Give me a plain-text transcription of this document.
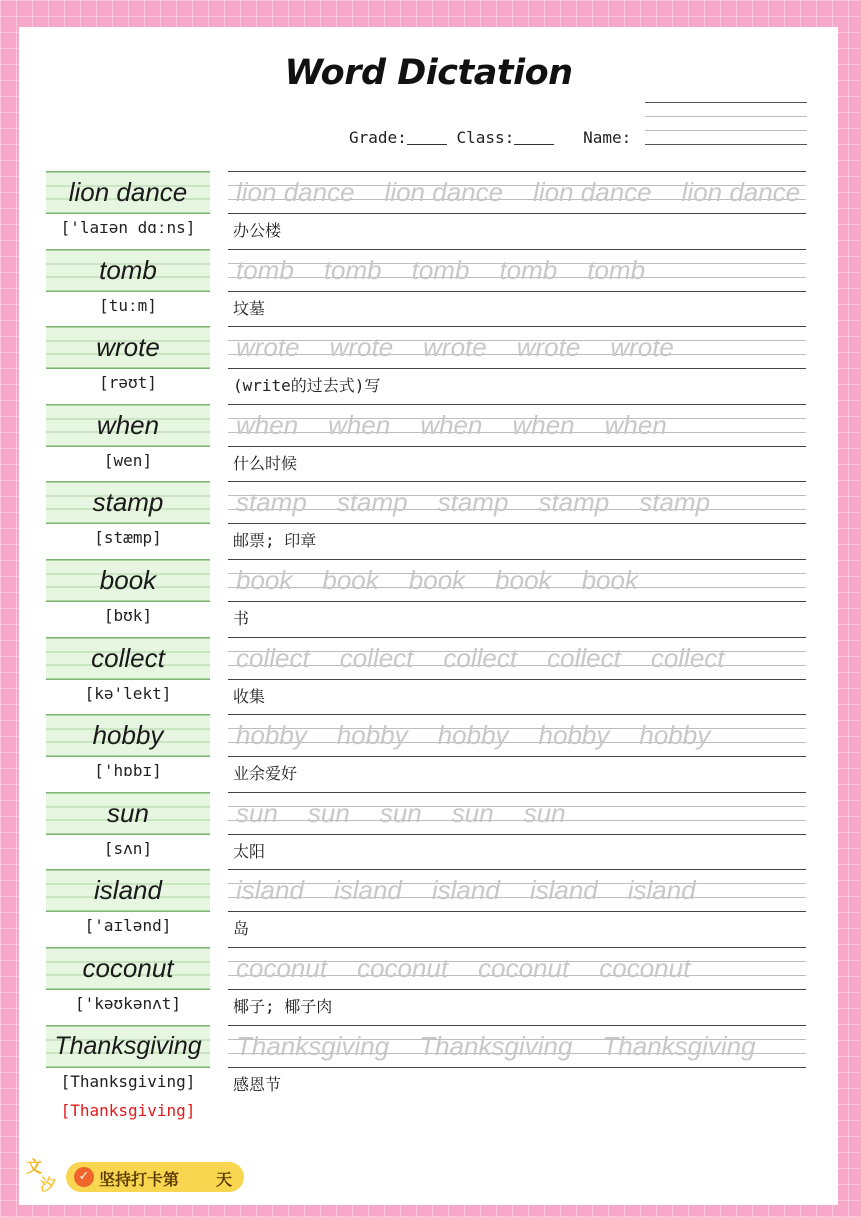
Word Dictation
Grade:	Class:	Name:
lion dance	lion dance lion dance lion dance lion dance
['laɪən dɑːns]	办公楼
tomb	tomb tomb tomb tomb tomb
[tuːm]	坟墓
wrote	wrote wrote wrote wrote wrote
[rəʊt]	(write的过去式)写
when	when when when when when
[wen]	什么时候
stamp	stamp stamp stamp stamp stamp
[stæmp]	邮票; 印章
book	book book book book book
[bʊk]	书
collect	collect collect collect collect collect
[kə'lekt]	收集
hobby	hobby hobby hobby hobby hobby
['hɒbɪ]	业余爱好
sun	sun sun sun sun sun
[sʌn]	太阳
island	island island island island island
['aɪlənd]	岛
coconut	coconut coconut coconut coconut
['kəʊkənʌt]	椰子; 椰子肉
Thanksgiving	Thanksgiving Thanksgiving Thanksgiving
[Thanksgiving]	感恩节
[Thanksgiving]
文
汐	✓ 坚持打卡第 天
